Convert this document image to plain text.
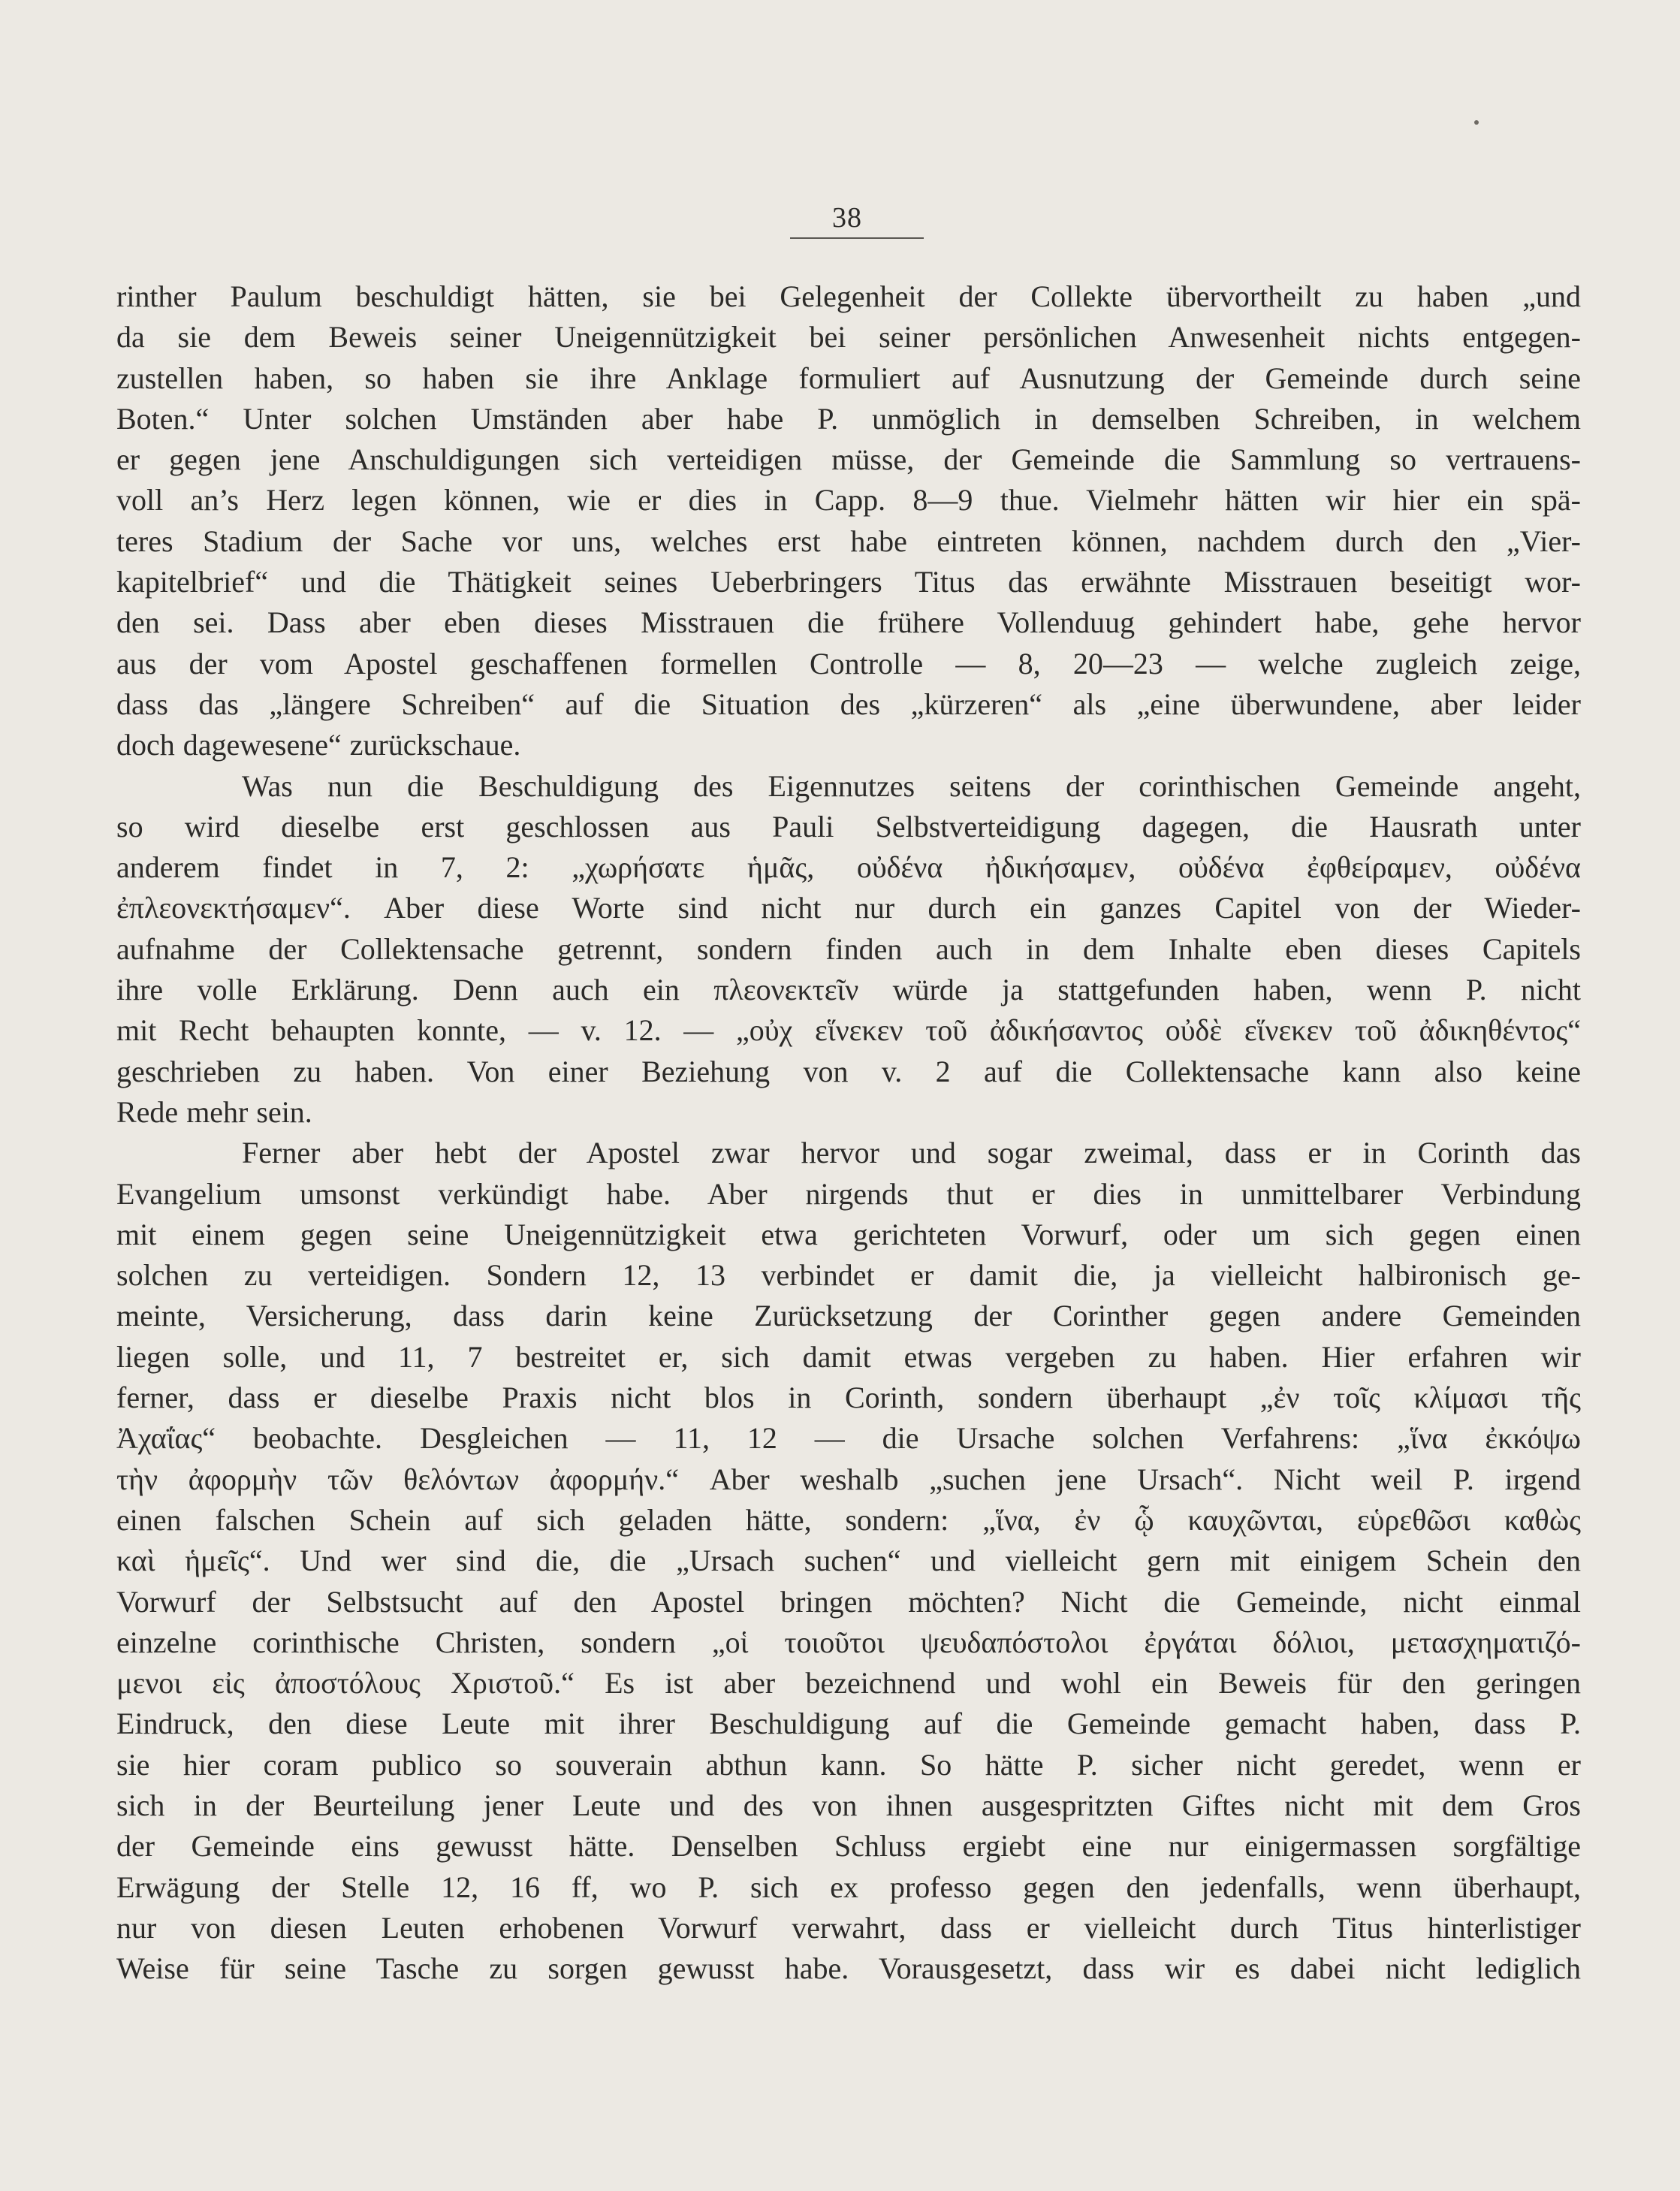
38
rinther Paulum beschuldigt hätten, sie bei Gelegenheit der Collekte übervortheilt zu haben „und
da sie dem Beweis seiner Uneigennützigkeit bei seiner persönlichen Anwesenheit nichts entgegen-
zustellen haben, so haben sie ihre Anklage formuliert auf Ausnutzung der Gemeinde durch seine
Boten.“ Unter solchen Umständen aber habe P. unmöglich in demselben Schreiben, in welchem
er gegen jene Anschuldigungen sich verteidigen müsse, der Gemeinde die Sammlung so vertrauens-
voll an’s Herz legen können, wie er dies in Capp. 8—9 thue. Vielmehr hätten wir hier ein spä-
teres Stadium der Sache vor uns, welches erst habe eintreten können, nachdem durch den „Vier-
kapitelbrief“ und die Thätigkeit seines Ueberbringers Titus das erwähnte Misstrauen beseitigt wor-
den sei. Dass aber eben dieses Misstrauen die frühere Vollenduug gehindert habe, gehe hervor
aus der vom Apostel geschaffenen formellen Controlle — 8, 20—23 — welche zugleich zeige,
dass das „längere Schreiben“ auf die Situation des „kürzeren“ als „eine überwundene, aber leider
doch dagewesene“ zurückschaue.
Was nun die Beschuldigung des Eigennutzes seitens der corinthischen Gemeinde angeht,
so wird dieselbe erst geschlossen aus Pauli Selbstverteidigung dagegen, die Hausrath unter
anderem findet in 7, 2: „χωρήσατε ἡμᾶς, οὐδένα ἠδικήσαμεν, οὐδένα ἐφθείραμεν, οὐδένα
ἐπλεονεκτήσαμεν“. Aber diese Worte sind nicht nur durch ein ganzes Capitel von der Wieder-
aufnahme der Collektensache getrennt, sondern finden auch in dem Inhalte eben dieses Capitels
ihre volle Erklärung. Denn auch ein πλεονεκτεῖν würde ja stattgefunden haben, wenn P. nicht
mit Recht behaupten konnte, — v. 12. — „οὐχ εἵνεκεν τοῦ ἀδικήσαντος οὐδὲ εἵνεκεν τοῦ ἀδικηθέντος“
geschrieben zu haben. Von einer Beziehung von v. 2 auf die Collektensache kann also keine
Rede mehr sein.
Ferner aber hebt der Apostel zwar hervor und sogar zweimal, dass er in Corinth das
Evangelium umsonst verkündigt habe. Aber nirgends thut er dies in unmittelbarer Verbindung
mit einem gegen seine Uneigennützigkeit etwa gerichteten Vorwurf, oder um sich gegen einen
solchen zu verteidigen. Sondern 12, 13 verbindet er damit die, ja vielleicht halbironisch ge-
meinte, Versicherung, dass darin keine Zurücksetzung der Corinther gegen andere Gemeinden
liegen solle, und 11, 7 bestreitet er, sich damit etwas vergeben zu haben. Hier erfahren wir
ferner, dass er dieselbe Praxis nicht blos in Corinth, sondern überhaupt „ἐν τοῖς κλίμασι τῆς
Ἀχαΐας“ beobachte. Desgleichen — 11, 12 — die Ursache solchen Verfahrens: „ἵνα ἐκκόψω
τὴν ἀφορμὴν τῶν θελόντων ἀφορμήν.“ Aber weshalb „suchen jene Ursach“. Nicht weil P. irgend
einen falschen Schein auf sich geladen hätte, sondern: „ἵνα, ἐν ᾧ καυχῶνται, εὑρεθῶσι καθὼς
καὶ ἡμεῖς“. Und wer sind die, die „Ursach suchen“ und vielleicht gern mit einigem Schein den
Vorwurf der Selbstsucht auf den Apostel bringen möchten? Nicht die Gemeinde, nicht einmal
einzelne corinthische Christen, sondern „οἱ τοιοῦτοι ψευδαπόστολοι ἐργάται δόλιοι, μετασχηματιζό-
μενοι εἰς ἀποστόλους Χριστοῦ.“ Es ist aber bezeichnend und wohl ein Beweis für den geringen
Eindruck, den diese Leute mit ihrer Beschuldigung auf die Gemeinde gemacht haben, dass P.
sie hier coram publico so souverain abthun kann. So hätte P. sicher nicht geredet, wenn er
sich in der Beurteilung jener Leute und des von ihnen ausgespritzten Giftes nicht mit dem Gros
der Gemeinde eins gewusst hätte. Denselben Schluss ergiebt eine nur einigermassen sorgfältige
Erwägung der Stelle 12, 16 ff, wo P. sich ex professo gegen den jedenfalls, wenn überhaupt,
nur von diesen Leuten erhobenen Vorwurf verwahrt, dass er vielleicht durch Titus hinterlistiger
Weise für seine Tasche zu sorgen gewusst habe. Vorausgesetzt, dass wir es dabei nicht lediglich
